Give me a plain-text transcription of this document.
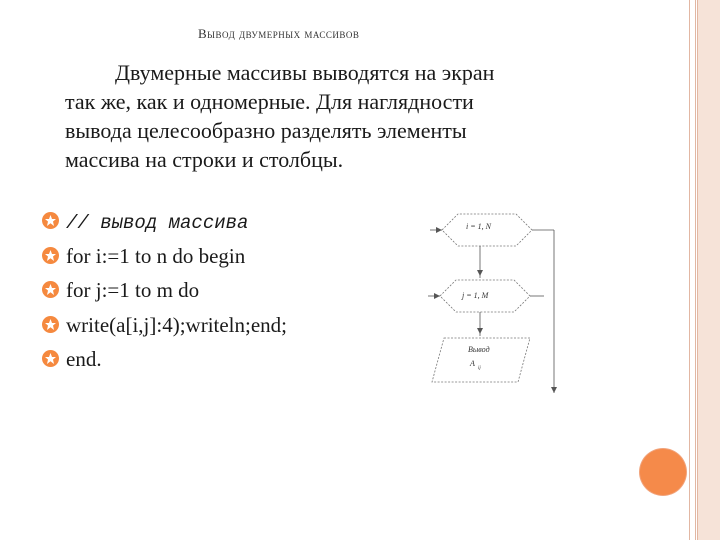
Вывод двумерных массивов
Двумерные массивы выводятся на экран
так же, как и одномерные. Для наглядности
вывода целесообразно разделять элементы
массива на строки и столбцы.
// вывод массива
for i:=1 to n do begin
for j:=1 to m do
write(a[i,j]:4);writeln;end;
end.
i = 1, N
j = 1, M
Вывод
A
ij
